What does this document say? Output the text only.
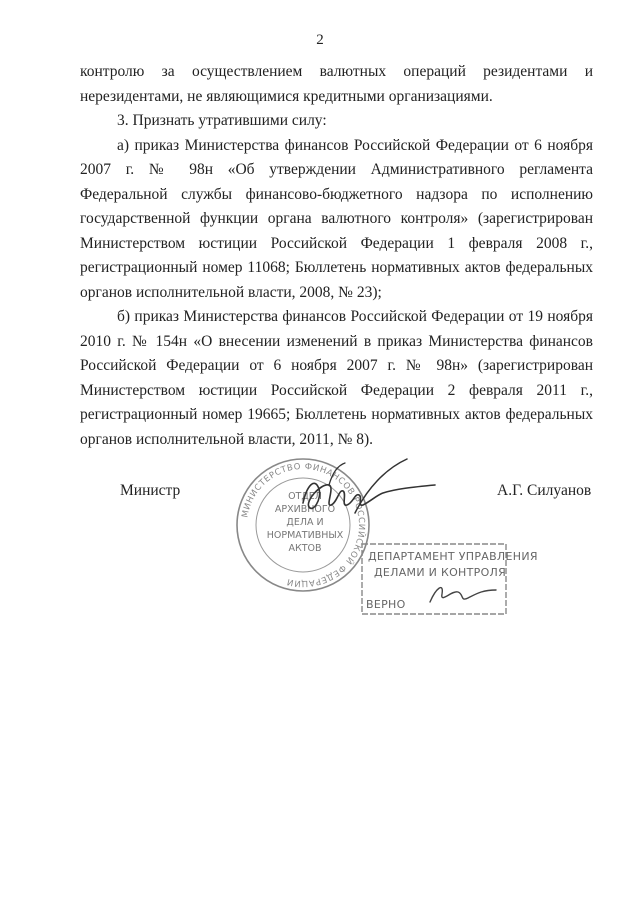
2

контролю за осуществлением валютных операций резидентами и нерезидентами, не являющимися кредитными организациями.

3. Признать утратившими силу:

а) приказ Министерства финансов Российской Федерации от 6 ноября 2007 г. № 98н «Об утверждении Административного регламента Федеральной службы финансово-бюджетного надзора по исполнению государственной функции органа валютного контроля» (зарегистрирован Министерством юстиции Российской Федерации 1 февраля 2008 г., регистрационный номер 11068; Бюллетень нормативных актов федеральных органов исполнительной власти, 2008, № 23);

б) приказ Министерства финансов Российской Федерации от 19 ноября 2010 г. № 154н «О внесении изменений в приказ Министерства финансов Российской Федерации от 6 ноября 2007 г. № 98н» (зарегистрирован Министерством юстиции Российской Федерации 2 февраля 2011 г., регистрационный номер 19665; Бюллетень нормативных актов федеральных органов исполнительной власти, 2011, № 8).

Министр	А.Г. Силуанов
МИНИСТЕРСТВО ФИНАНСОВ РОССИЙСКОЙ ФЕДЕРАЦИИ
ОТДЕЛ
АРХИВНОГО
ДЕЛА И
НОРМАТИВНЫХ
АКТОВ
ДЕПАРТАМЕНТ УПРАВЛЕНИЯ
ДЕЛАМИ И КОНТРОЛЯ
ВЕРНО
